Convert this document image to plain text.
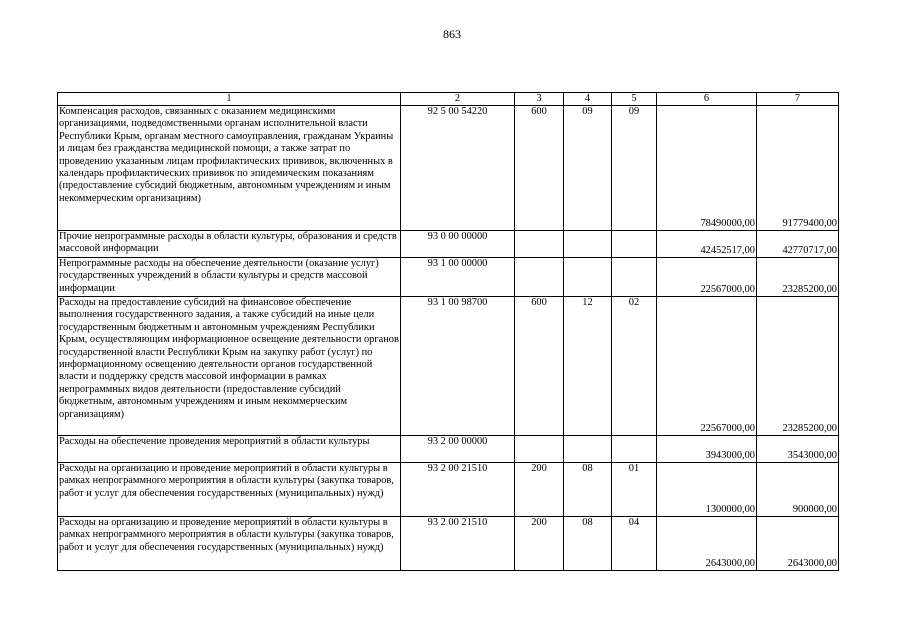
863
1	2	3	4	5	6	7
Компенсация расходов, связанных с оказанием медицинскими организациями, подведомственными органам исполнительной власти Республики Крым, органам местного самоуправления, гражданам Украины и лицам без гражданства медицинской помощи, а также затрат по проведению указанным лицам профилактических прививок, включенных в календарь профилактических прививок по эпидемическим показаниям (предоставление субсидий бюджетным, автономным учреждениям и иным некоммерческим организациям)	92 5 00 54220	600	09	09	78490000,00	91779400,00
Прочие непрограммные расходы в области культуры, образования и средств массовой информации	93 0 00 00000				42452517,00	42770717,00
Непрограммные расходы на обеспечение деятельности (оказание услуг) государственных учреждений в области культуры и средств массовой информации	93 1 00 00000				22567000,00	23285200,00
Расходы на предоставление субсидий на финансовое обеспечение выполнения государственного задания, а также субсидий на иные цели государственным бюджетным и автономным учреждениям Республики Крым, осуществляющим информационное освещение деятельности органов государственной власти Республики Крым на закупку работ (услуг) по информационному освещению деятельности органов государственной власти и поддержку средств массовой информации в рамках непрограммных видов деятельности (предоставление субсидий бюджетным, автономным учреждениям и иным некоммерческим организациям)	93 1 00 98700	600	12	02	22567000,00	23285200,00
Расходы на обеспечение проведения мероприятий в области культуры	93 2 00 00000				3943000,00	3543000,00
Расходы на организацию и проведение мероприятий в области культуры в рамках непрограммного мероприятия в области культуры (закупка товаров, работ и услуг для обеспечения государственных (муниципальных) нужд)	93 2 00 21510	200	08	01	1300000,00	900000,00
Расходы на организацию и проведение мероприятий в области культуры в рамках непрограммного мероприятия в области культуры (закупка товаров, работ и услуг для обеспечения государственных (муниципальных) нужд)	93 2 00 21510	200	08	04	2643000,00	2643000,00
